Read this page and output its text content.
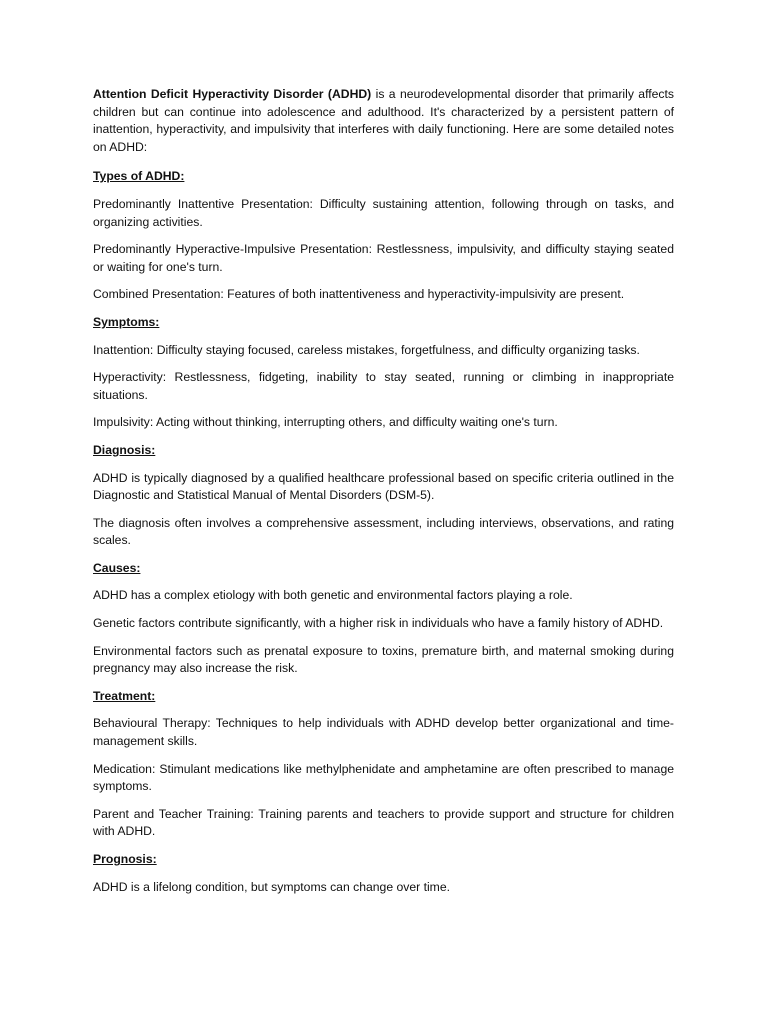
Attention Deficit Hyperactivity Disorder (ADHD) is a neurodevelopmental disorder that primarily affects children but can continue into adolescence and adulthood. It's characterized by a persistent pattern of inattention, hyperactivity, and impulsivity that interferes with daily functioning. Here are some detailed notes on ADHD:

Types of ADHD:

Predominantly Inattentive Presentation: Difficulty sustaining attention, following through on tasks, and organizing activities.

Predominantly Hyperactive-Impulsive Presentation: Restlessness, impulsivity, and difficulty staying seated or waiting for one's turn.

Combined Presentation: Features of both inattentiveness and hyperactivity-impulsivity are present.

Symptoms:

Inattention: Difficulty staying focused, careless mistakes, forgetfulness, and difficulty organizing tasks.

Hyperactivity: Restlessness, fidgeting, inability to stay seated, running or climbing in inappropriate situations.

Impulsivity: Acting without thinking, interrupting others, and difficulty waiting one's turn.

Diagnosis:

ADHD is typically diagnosed by a qualified healthcare professional based on specific criteria outlined in the Diagnostic and Statistical Manual of Mental Disorders (DSM-5).

The diagnosis often involves a comprehensive assessment, including interviews, observations, and rating scales.

Causes:

ADHD has a complex etiology with both genetic and environmental factors playing a role.

Genetic factors contribute significantly, with a higher risk in individuals who have a family history of ADHD.

Environmental factors such as prenatal exposure to toxins, premature birth, and maternal smoking during pregnancy may also increase the risk.

Treatment:

Behavioural Therapy: Techniques to help individuals with ADHD develop better organizational and time-management skills.

Medication: Stimulant medications like methylphenidate and amphetamine are often prescribed to manage symptoms.

Parent and Teacher Training: Training parents and teachers to provide support and structure for children with ADHD.

Prognosis:

ADHD is a lifelong condition, but symptoms can change over time.
